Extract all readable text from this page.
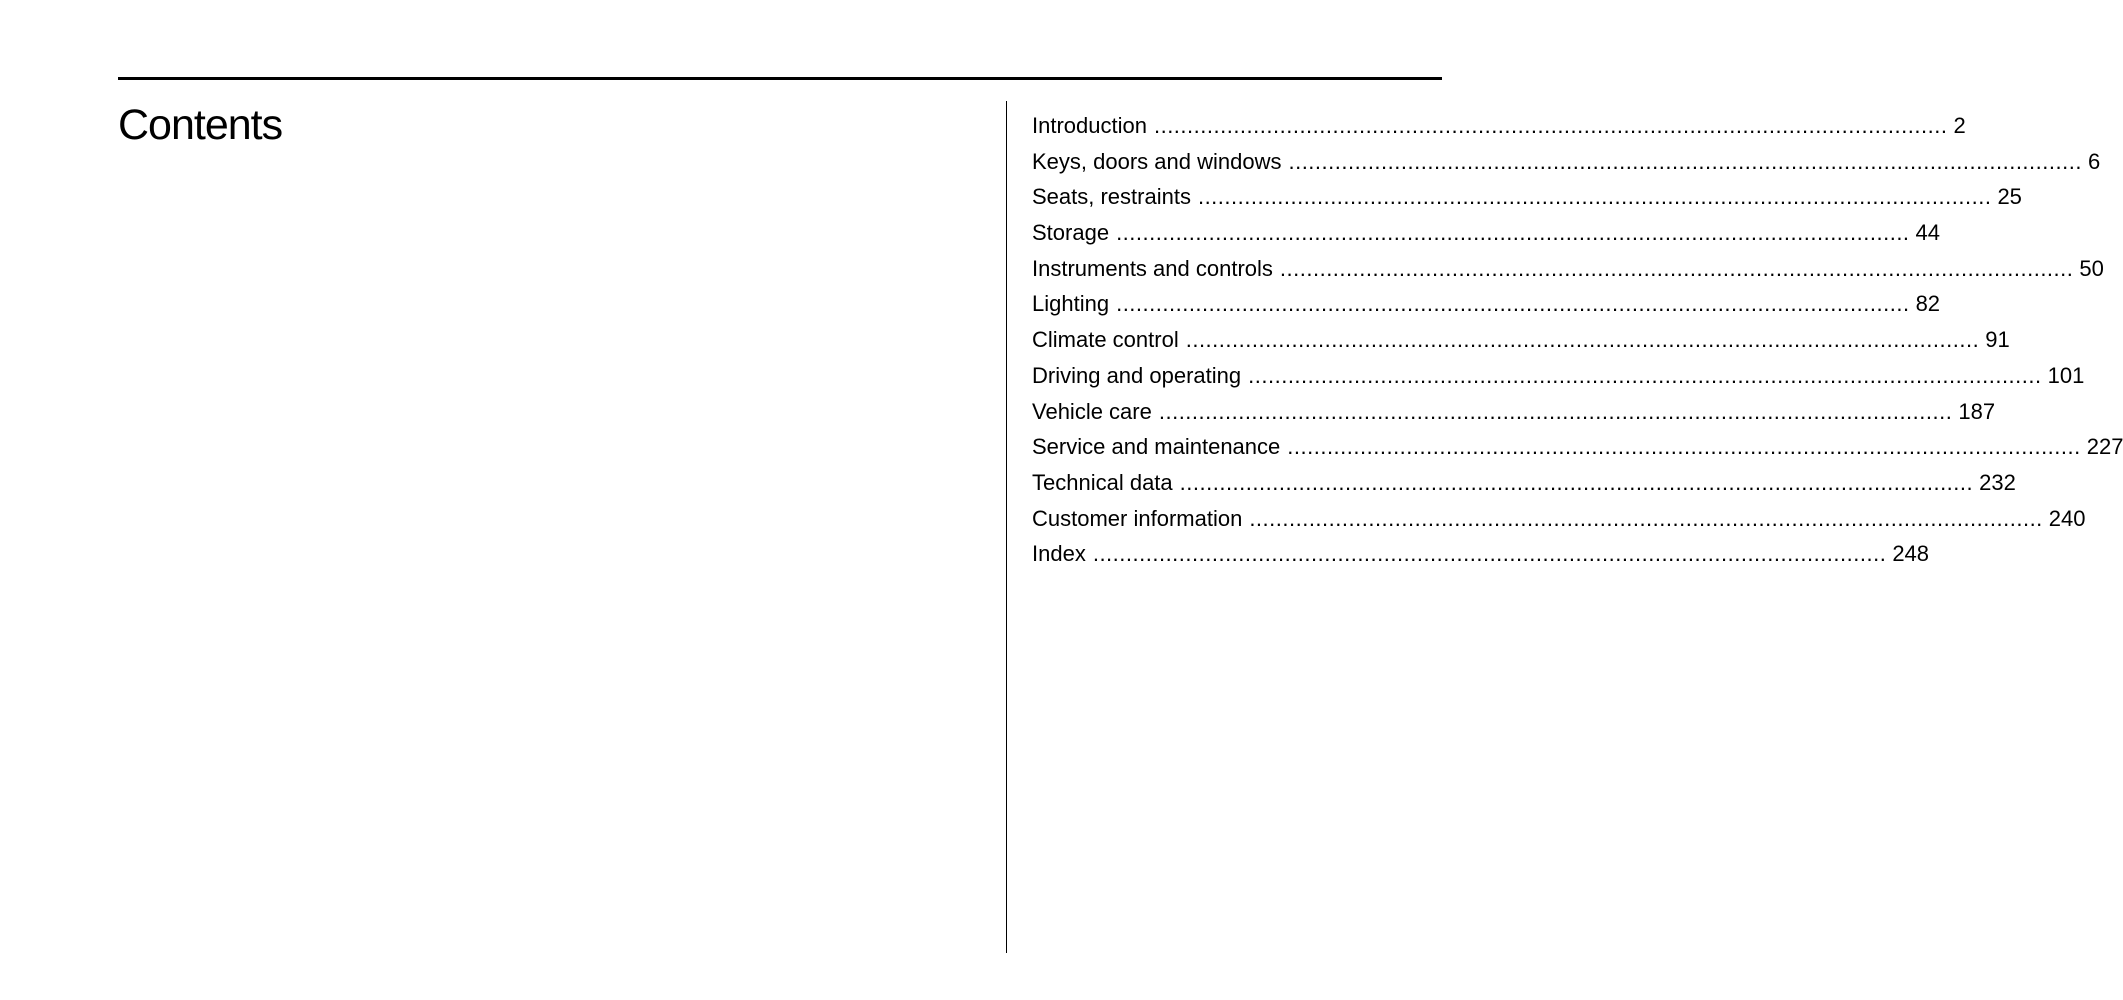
Contents	Introduction ........................................................................................................................ 2
Keys, doors and windows ........................................................................................................................ 6
Seats, restraints ........................................................................................................................ 25
Storage ........................................................................................................................ 44
Instruments and controls ........................................................................................................................ 50
Lighting ........................................................................................................................ 82
Climate control ........................................................................................................................ 91
Driving and operating ........................................................................................................................ 101
Vehicle care ........................................................................................................................ 187
Service and maintenance ........................................................................................................................ 227
Technical data ........................................................................................................................ 232
Customer information ........................................................................................................................ 240
Index ........................................................................................................................ 248
